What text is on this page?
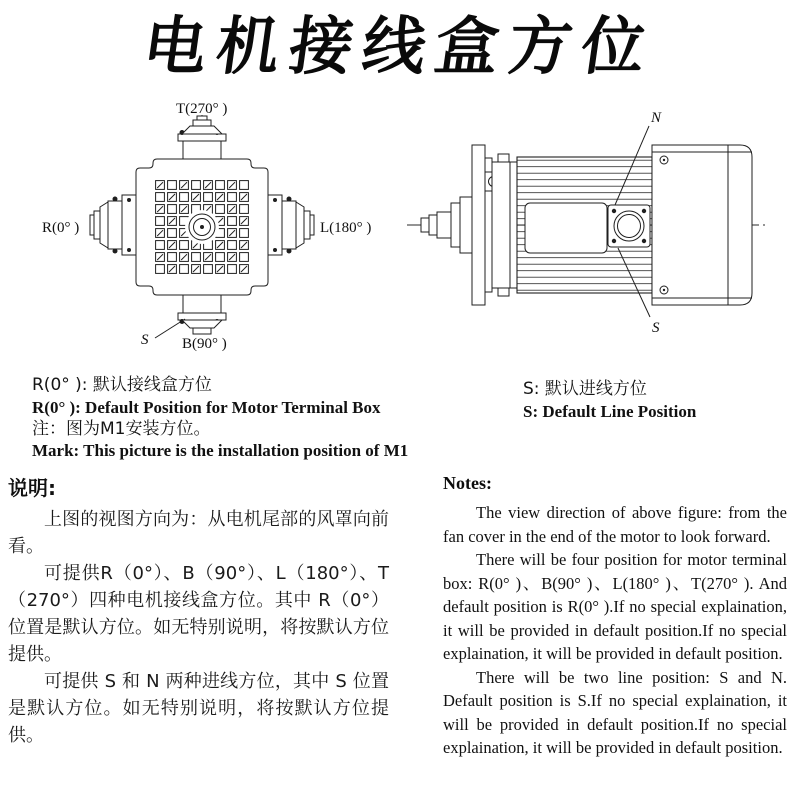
电机接线盒方位
T(270° )
R(0° )	L(180° )
B(90° )
S
N
S
R(0° ): 默认接线盒方位
R(0° ): Default Position for Motor Terminal Box
注：图为M1安装方位。
Mark: This picture is the installation position of M1
S: 默认进线方位
S: Default Line Position
说明:

上图的视图方向为：从电机尾部的风罩向前看。

可提供R（0°）、B（90°）、L（180°）、T（270°）四种电机接线盒方位。其中 R（0°）位置是默认方位。如无特别说明，将按默认方位提供。

可提供 S 和 N 两种进线方位，其中 S 位置是默认方位。如无特别说明，将按默认方位提供。

Notes:

The view direction of above figure: from the fan cover in the end of the motor to look forward.

There will be four position for motor terminal box: R(0° )、B(90° )、L(180° )、T(270° ). And default position is R(0° ).If no special explaination, it will be provided in default position.If no special explaination, it will be provided in default position.

There will be two line position: S and N. Default position is S.If no special explaination, it will be provided in default position.If no special explaination, it will be provided in default position.
